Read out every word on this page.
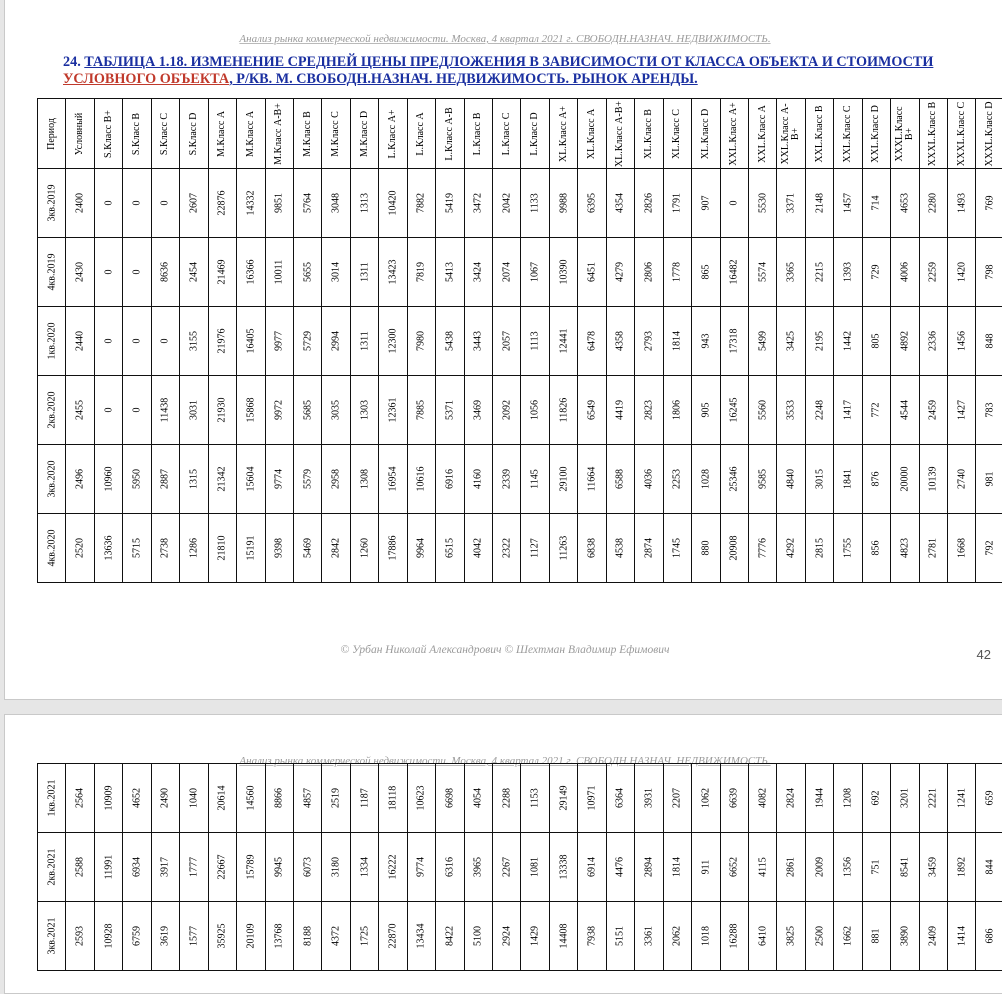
Анализ рынка коммерческой недвижимости. Москва, 4 квартал 2021 г. СВОБОДН.НАЗНАЧ. НЕДВИЖИМОСТЬ.
24. ТАБЛИЦА 1.18. ИЗМЕНЕНИЕ СРЕДНЕЙ ЦЕНЫ ПРЕДЛОЖЕНИЯ В ЗАВИСИМОСТИ ОТ КЛАССА ОБЪЕКТА И СТОИМОСТИ УСЛОВНОГО ОБЪЕКТА, Р/КВ. М. СВОБОДН.НАЗНАЧ. НЕДВИЖИМОСТЬ. РЫНОК АРЕНДЫ.
Период	Условный	S.Класс В+	S.Класс В	S.Класс С	S.Класс D	M.Класс А	M.Класс А	M.Класс А-В+	M.Класс В	M.Класс С	M.Класс D	L.Класс А+	L.Класс А	L.Класс А-В	L.Класс В	L.Класс С	L.Класс D	XL.Класс А+	XL.Класс А	XL.Класс А-В+	XL.Класс В	XL.Класс С	XL.Класс D	XXL.Класс А+	XXL.Класс А	XXL.Класс А-В+	XXL.Класс В	XXL.Класс С	XXL.Класс D	XXXL.Класс В+	XXXL.Класс В	XXXL.Класс С	XXXL.Класс D

3кв.2019	2400	0	0	0	2607	22876	14332	9851	5764	3048	1313	10420	7882	5419	3472	2042	1133	9988	6395	4354	2826	1791	907	0	5530	3371	2148	1457	714	4653	2280	1493	769

4кв.2019	2430	0	0	8636	2454	21469	16366	10011	5655	3014	1311	13423	7819	5413	3424	2074	1067	10390	6451	4279	2806	1778	865	16482	5574	3365	2215	1393	729	4006	2259	1420	798

1кв.2020	2440	0	0	0	3155	21976	16405	9977	5729	2994	1311	12300	7980	5438	3443	2057	1113	12441	6478	4358	2793	1814	943	17318	5499	3425	2195	1442	805	4892	2336	1456	848

2кв.2020	2455	0	0	11438	3031	21930	15868	9972	5685	3035	1303	12361	7885	5371	3469	2092	1056	11826	6549	4419	2823	1806	905	16245	5560	3533	2248	1417	772	4544	2459	1427	783

3кв.2020	2496	10960	5950	2887	1315	21342	15604	9774	5579	2958	1308	16954	10616	6916	4160	2339	1145	29100	11664	6588	4036	2253	1028	25346	9585	4840	3015	1841	876	20000	10139	2740	981

4кв.2020	2520	13636	5715	2738	1286	21810	15191	9398	5469	2842	1260	17886	9964	6515	4042	2322	1127	11263	6838	4538	2874	1745	880	20908	7776	4292	2815	1755	856	4823	2781	1668	792
© Урбан Николай Александрович © Шехтман Владимир Ефимович	42
Анализ рынка коммерческой недвижимости. Москва, 4 квартал 2021 г. СВОБОДН.НАЗНАЧ. НЕДВИЖИМОСТЬ.
1кв.2021	2564	10909	4652	2490	1040	20614	14560	8866	4857	2519	1187	18118	10623	6698	4054	2288	1153	29149	10971	6364	3931	2207	1062	6639	4082	2824	1944	1208	692	3201	2221	1241	659

2кв.2021	2588	11991	6934	3917	1777	22667	15789	9945	6073	3180	1334	16222	9774	6316	3965	2267	1081	13338	6914	4476	2894	1814	911	6652	4115	2861	2009	1356	751	8541	3459	1892	844

3кв.2021	2593	10928	6759	3619	1577	35925	20109	13768	8188	4372	1725	22870	13434	8422	5100	2924	1429	14408	7938	5151	3361	2062	1018	16288	6410	3825	2500	1662	881	3890	2409	1414	686
